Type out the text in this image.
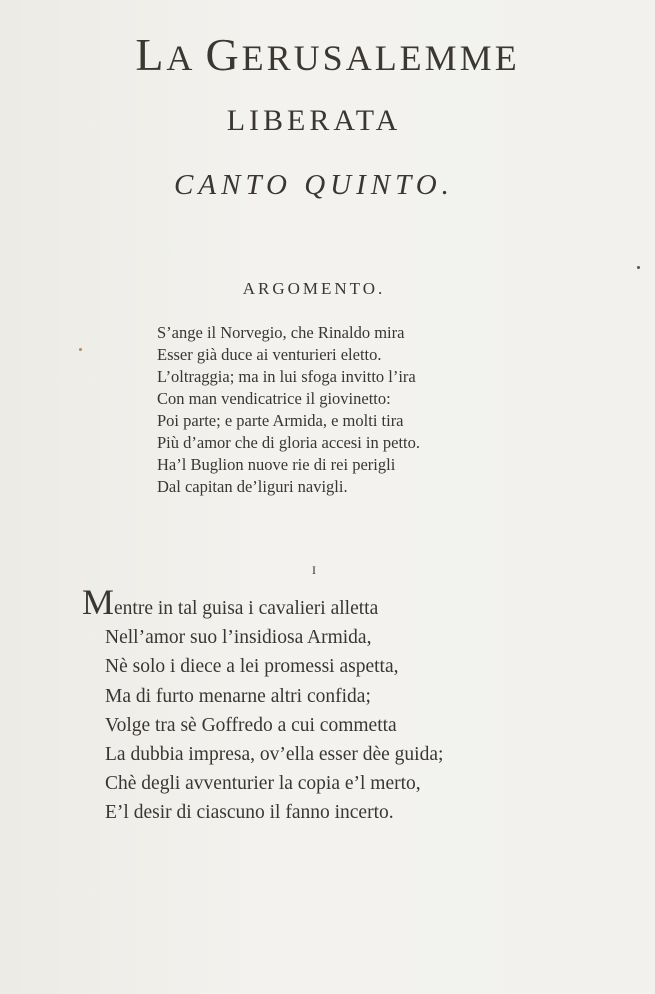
LA GERUSALEMME
LIBERATA
CANTO QUINTO.
ARGOMENTO.
S’ange il Norvegio, che Rinaldo mira
Esser già duce ai venturieri eletto.
L’oltraggia; ma in lui sfoga invitto l’ira
Con man vendicatrice il giovinetto:
Poi parte; e parte Armida, e molti tira
Più d’amor che di gloria accesi in petto.
Ha’l Buglion nuove rie di rei perigli
Dal capitan de’liguri navigli.
I
Mentre in tal guisa i cavalieri alletta
Nell’amor suo l’insidiosa Armida,
Nè solo i diece a lei promessi aspetta,
Ma di furto menarne altri confida;
Volge tra sè Goffredo a cui commetta
La dubbia impresa, ov’ella esser dèe guida;
Chè degli avventurier la copia e’l merto,
E’l desir di ciascuno il fanno incerto.
